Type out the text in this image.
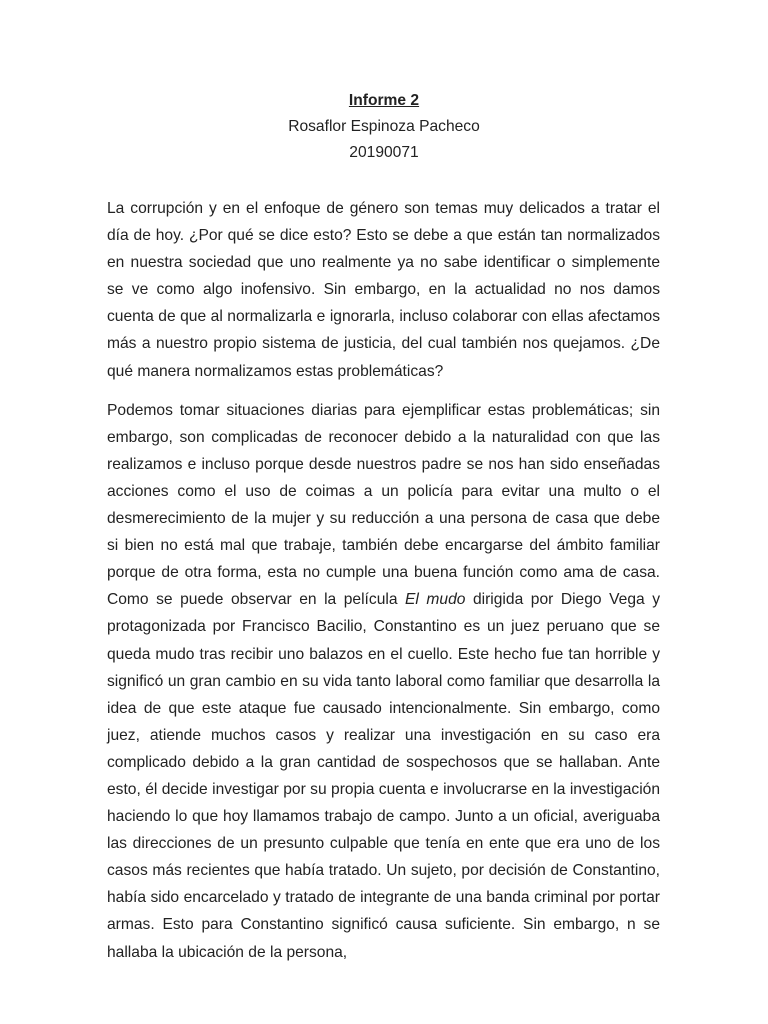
Informe 2
Rosaflor Espinoza Pacheco
20190071

La corrupción y en el enfoque de género son temas muy delicados a tratar el día de hoy. ¿Por qué se dice esto? Esto se debe a que están tan normalizados en nuestra sociedad que uno realmente ya no sabe identificar o simplemente se ve como algo inofensivo. Sin embargo, en la actualidad no nos damos cuenta de que al normalizarla e ignorarla, incluso colaborar con ellas afectamos más a nuestro propio sistema de justicia, del cual también nos quejamos. ¿De qué manera normalizamos estas problemáticas?

Podemos tomar situaciones diarias para ejemplificar estas problemáticas; sin embargo, son complicadas de reconocer debido a la naturalidad con que las realizamos e incluso porque desde nuestros padre se nos han sido enseñadas acciones como el uso de coimas a un policía para evitar una multo o el desmerecimiento de la mujer y su reducción a una persona de casa que debe si bien no está mal que trabaje, también debe encargarse del ámbito familiar porque de otra forma, esta no cumple una buena función como ama de casa. Como se puede observar en la película El mudo dirigida por Diego Vega y protagonizada por Francisco Bacilio, Constantino es un juez peruano que se queda mudo tras recibir uno balazos en el cuello. Este hecho fue tan horrible y significó un gran cambio en su vida tanto laboral como familiar que desarrolla la idea de que este ataque fue causado intencionalmente. Sin embargo, como juez, atiende muchos casos y realizar una investigación en su caso era complicado debido a la gran cantidad de sospechosos que se hallaban. Ante esto, él decide investigar por su propia cuenta e involucrarse en la investigación haciendo lo que hoy llamamos trabajo de campo. Junto a un oficial, averiguaba las direcciones de un presunto culpable que tenía en ente que era uno de los casos más recientes que había tratado. Un sujeto, por decisión de Constantino, había sido encarcelado y tratado de integrante de una banda criminal por portar armas. Esto para Constantino significó causa suficiente. Sin embargo, n se hallaba la ubicación de la persona,
